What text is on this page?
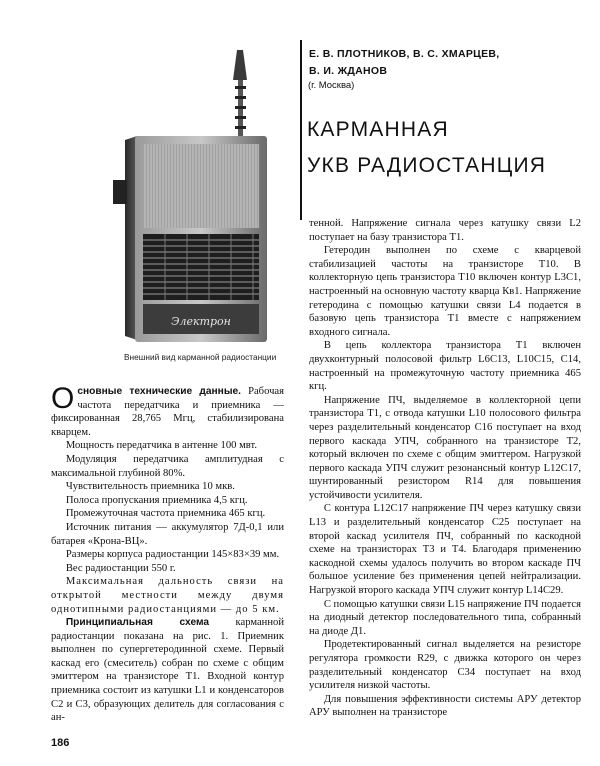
Электрон
Внешний вид карманной радиостанции
Е. В. ПЛОТНИКОВ, В. С. ХМАРЦЕВ,
В. И. ЖДАНОВ
(г. Москва)
КАРМАННАЯ
УКВ РАДИОСТАНЦИЯ

Основные технические данные. Рабочая частота передатчика и приемника — фиксированная 28,765 Мгц, стабилизирована кварцем.

Мощность передатчика в антенне 100 мвт.

Модуляция передатчика амплитудная с максимальной глубиной 80%.

Чувствительность приемника 10 мкв.

Полоса пропускания приемника 4,5 кгц.

Промежуточная частота приемника 465 кгц.

Источник питания — аккумулятор 7Д-0,1 или батарея «Крона-ВЦ».

Размеры корпуса радиостанции 145×83×39 мм.

Вес радиостанции 550 г.

Максимальная дальность связи на открытой местности между двумя однотипными радиостанциями — до 5 км.

Принципиальная схема карманной радиостанции показана на рис. 1. Приемник выполнен по супергетеродинной схеме. Первый каскад его (смеситель) собран по схеме с общим эмиттером на транзисторе T1. Входной контур приемника состоит из катушки L1 и конденсаторов C2 и C3, образующих делитель для согласования с ан-

тенной. Напряжение сигнала через катушку связи L2 поступает на базу транзистора T1.

Гетеродин выполнен по схеме с кварцевой стабилизацией частоты на транзисторе T10. В коллекторную цепь транзистора T10 включен контур L3C1, настроенный на основную частоту кварца Кв1. Напряжение гетеродина с помощью катушки связи L4 подается в базовую цепь транзистора T1 вместе с напряжением входного сигнала.

В цепь коллектора транзистора T1 включен двухконтурный полосовой фильтр L6C13, L10C15, C14, настроенный на промежуточную частоту приемника 465 кгц.

Напряжение ПЧ, выделяемое в коллекторной цепи транзистора T1, с отвода катушки L10 полосового фильтра через разделительный конденсатор C16 поступает на вход первого каскада УПЧ, собранного на транзисторе T2, который включен по схеме с общим эмиттером. Нагрузкой первого каскада УПЧ служит резонансный контур L12C17, шунтированный резистором R14 для повышения устойчивости усилителя.

С контура L12C17 напряжение ПЧ через катушку связи L13 и разделительный конденсатор C25 поступает на второй каскад усилителя ПЧ, собранный по каскодной схеме на транзисторах T3 и T4. Благодаря применению каскодной схемы удалось получить во втором каскаде ПЧ большое усиление без применения цепей нейтрализации. Нагрузкой второго каскада УПЧ служит контур L14C29.

С помощью катушки связи L15 напряжение ПЧ подается на диодный детектор последовательного типа, собранный на диоде Д1.

Продетектированный сигнал выделяется на резисторе регулятора громкости R29, с движка которого он через разделительный конденсатор C34 поступает на вход усилителя низкой частоты.

Для повышения эффективности системы АРУ детектор АРУ выполнен на транзисторе

186
